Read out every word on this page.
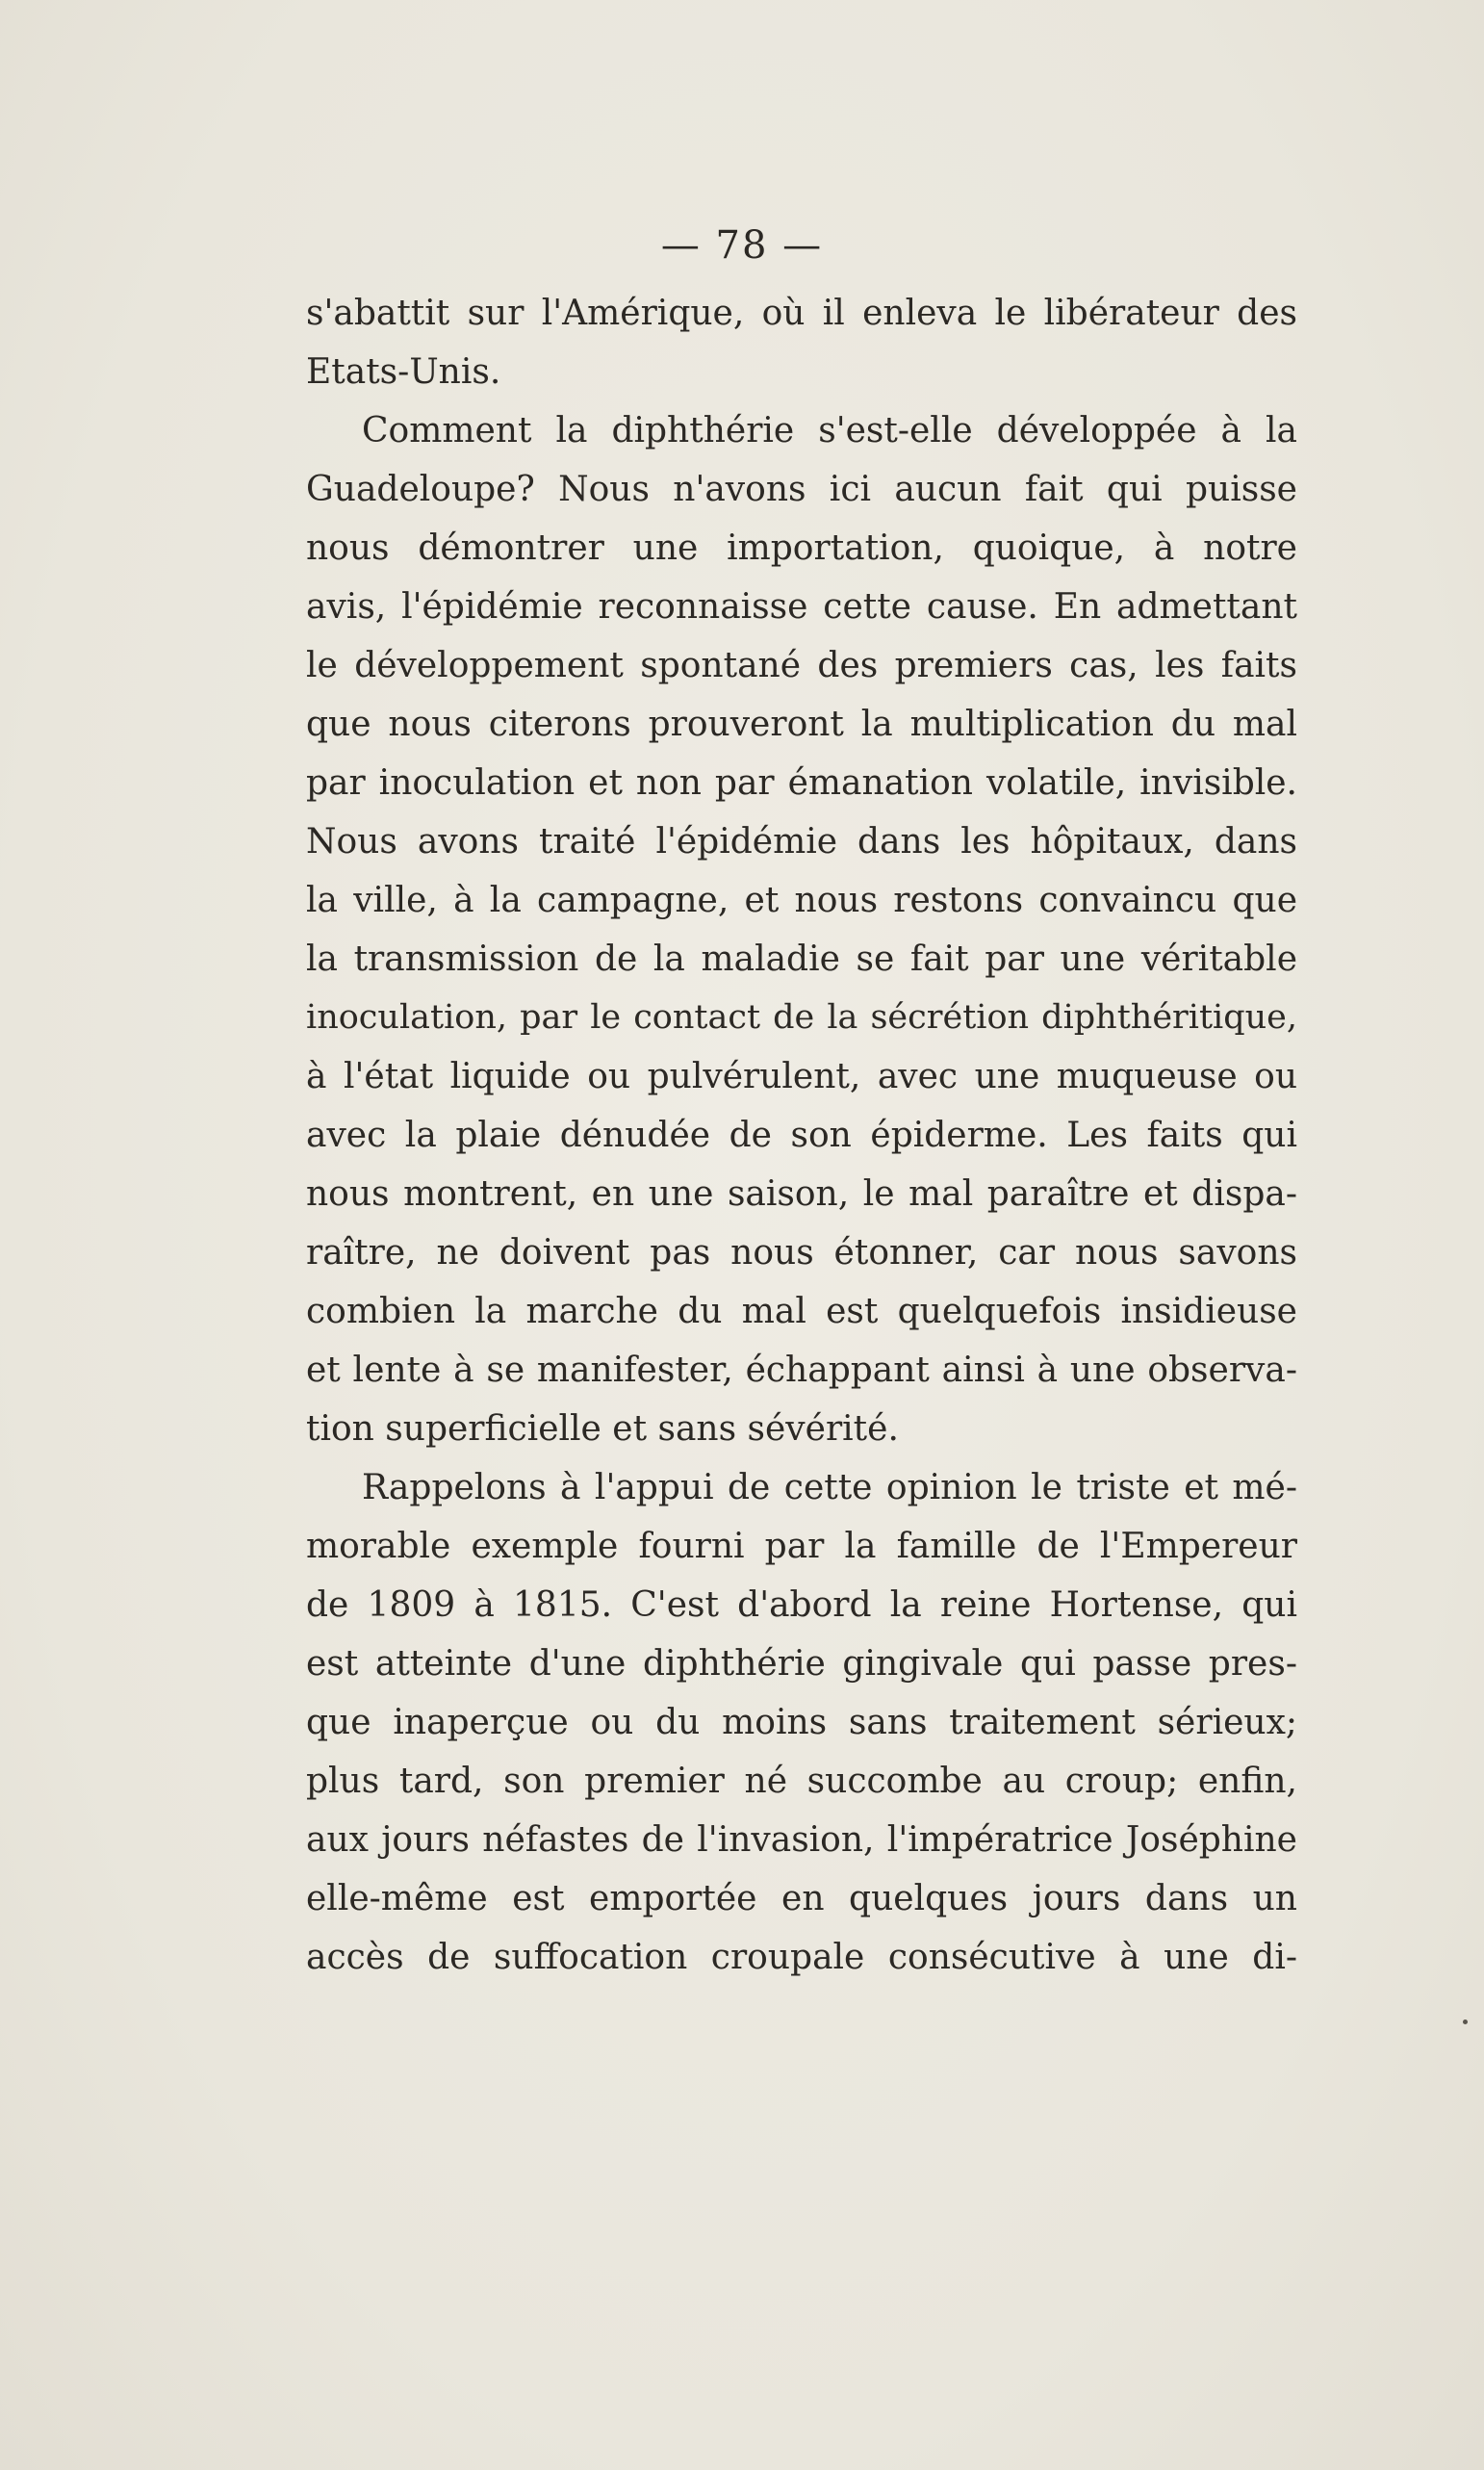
— 78 —
s'abattit sur l'Amérique, où il enleva le libérateur des
Etats-Unis.
Comment la diphthérie s'est-elle développée à la
Guadeloupe? Nous n'avons ici aucun fait qui puisse
nous démontrer une importation, quoique, à notre
avis, l'épidémie reconnaisse cette cause. En admettant
le développement spontané des premiers cas, les faits
que nous citerons prouveront la multiplication du mal
par inoculation et non par émanation volatile, invisible.
Nous avons traité l'épidémie dans les hôpitaux, dans
la ville, à la campagne, et nous restons convaincu que
la transmission de la maladie se fait par une véritable
inoculation, par le contact de la sécrétion diphthéritique,
à l'état liquide ou pulvérulent, avec une muqueuse ou
avec la plaie dénudée de son épiderme. Les faits qui
nous montrent, en une saison, le mal paraître et dispa-
raître, ne doivent pas nous étonner, car nous savons
combien la marche du mal est quelquefois insidieuse
et lente à se manifester, échappant ainsi à une observa-
tion superficielle et sans sévérité.
Rappelons à l'appui de cette opinion le triste et mé-
morable exemple fourni par la famille de l'Empereur
de 1809 à 1815. C'est d'abord la reine Hortense, qui
est atteinte d'une diphthérie gingivale qui passe pres-
que inaperçue ou du moins sans traitement sérieux;
plus tard, son premier né succombe au croup; enfin,
aux jours néfastes de l'invasion, l'impératrice Joséphine
elle-même est emportée en quelques jours dans un
accès de suffocation croupale consécutive à une di-
